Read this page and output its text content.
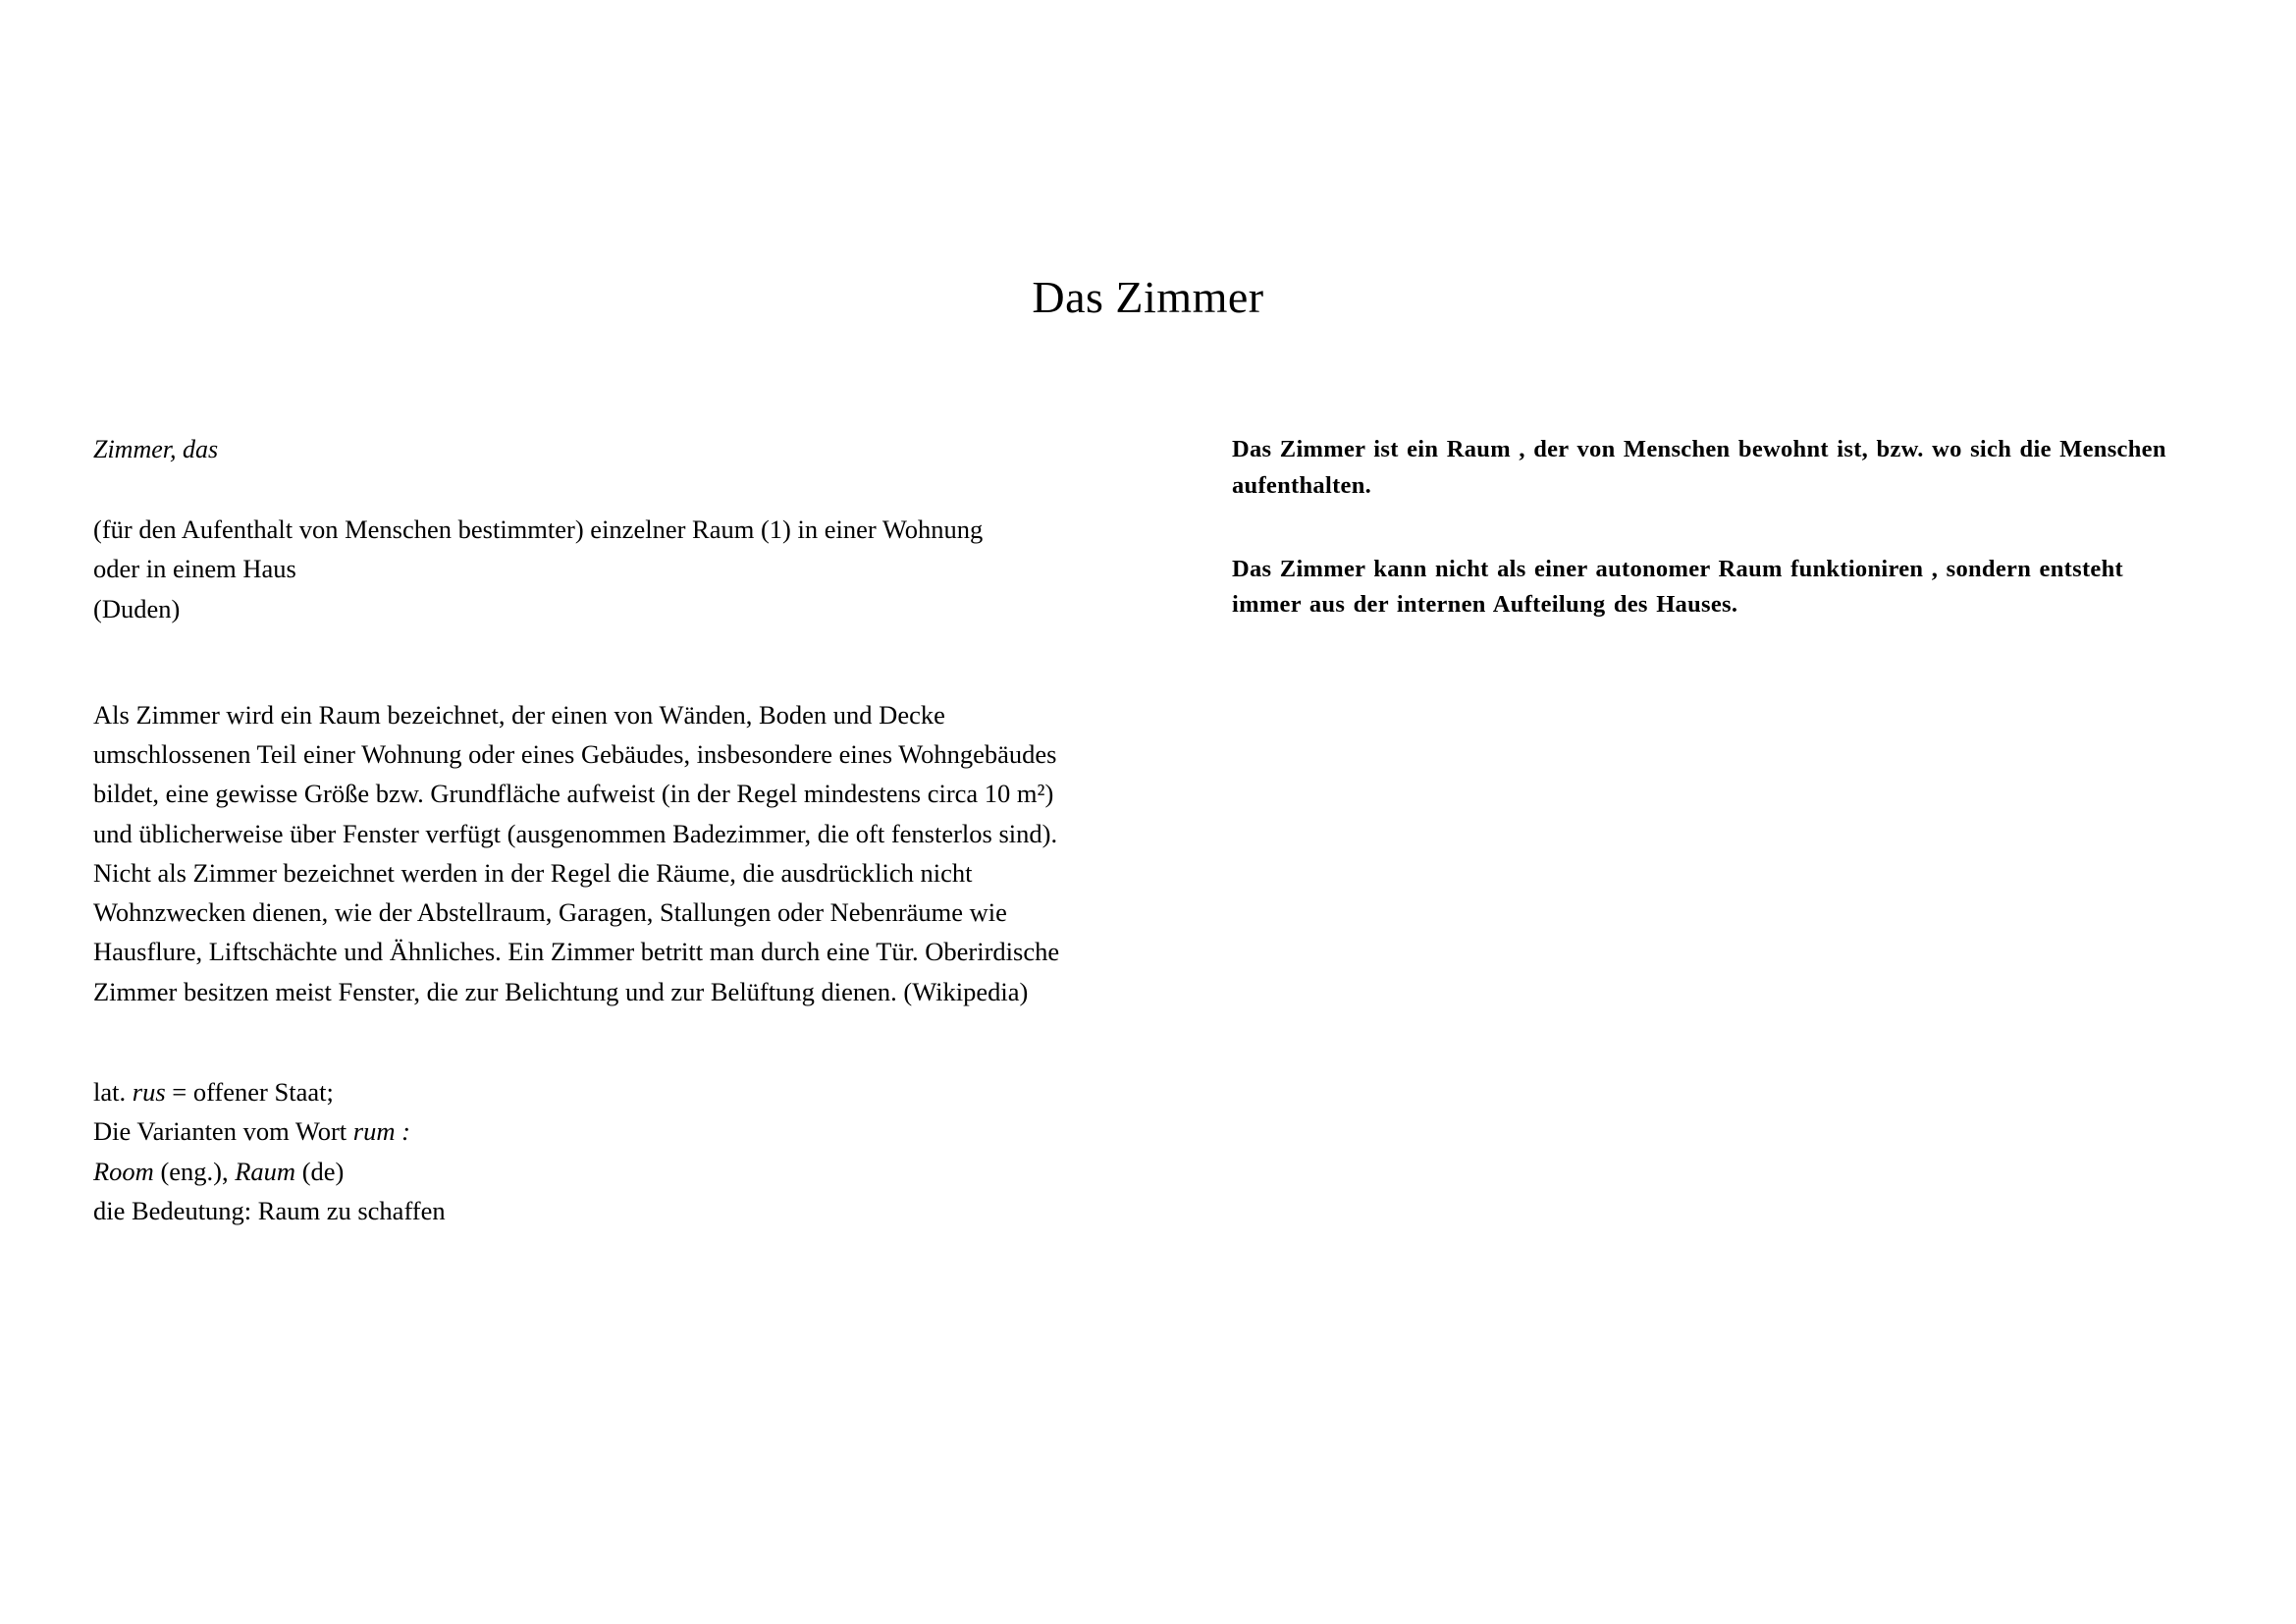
Das Zimmer

Zimmer, das

(für den Aufenthalt von Menschen bestimmter) einzelner Raum (1) in einer Wohnung
oder in einem Haus
(Duden)

Als Zimmer wird ein Raum bezeichnet, der einen von Wänden, Boden und Decke umschlossenen Teil einer Wohnung oder eines Gebäudes, insbesondere eines Wohngebäudes bildet, eine gewisse Größe bzw. Grundfläche aufweist (in der Regel mindestens circa 10 m²) und üblicherweise über Fenster verfügt (ausgenommen Badezimmer, die oft fensterlos sind). Nicht als Zimmer bezeichnet werden in der Regel die Räume, die ausdrücklich nicht Wohnzwecken dienen, wie der Abstellraum, Garagen, Stallungen oder Nebenräume wie Hausflure, Liftschächte und Ähnliches. Ein Zimmer betritt man durch eine Tür. Oberirdische Zimmer besitzen meist Fenster, die zur Belichtung und zur Belüftung dienen. (Wikipedia)

lat. rus = offener Staat;
Die Varianten vom Wort rum :
Room (eng.), Raum (de)
die Bedeutung: Raum zu schaffen

Das Zimmer ist ein Raum , der von Menschen bewohnt ist, bzw. wo sich die Menschen aufenthalten.

Das Zimmer kann nicht als einer autonomer Raum funktioniren , sondern entsteht immer aus der internen Aufteilung des Hauses.
